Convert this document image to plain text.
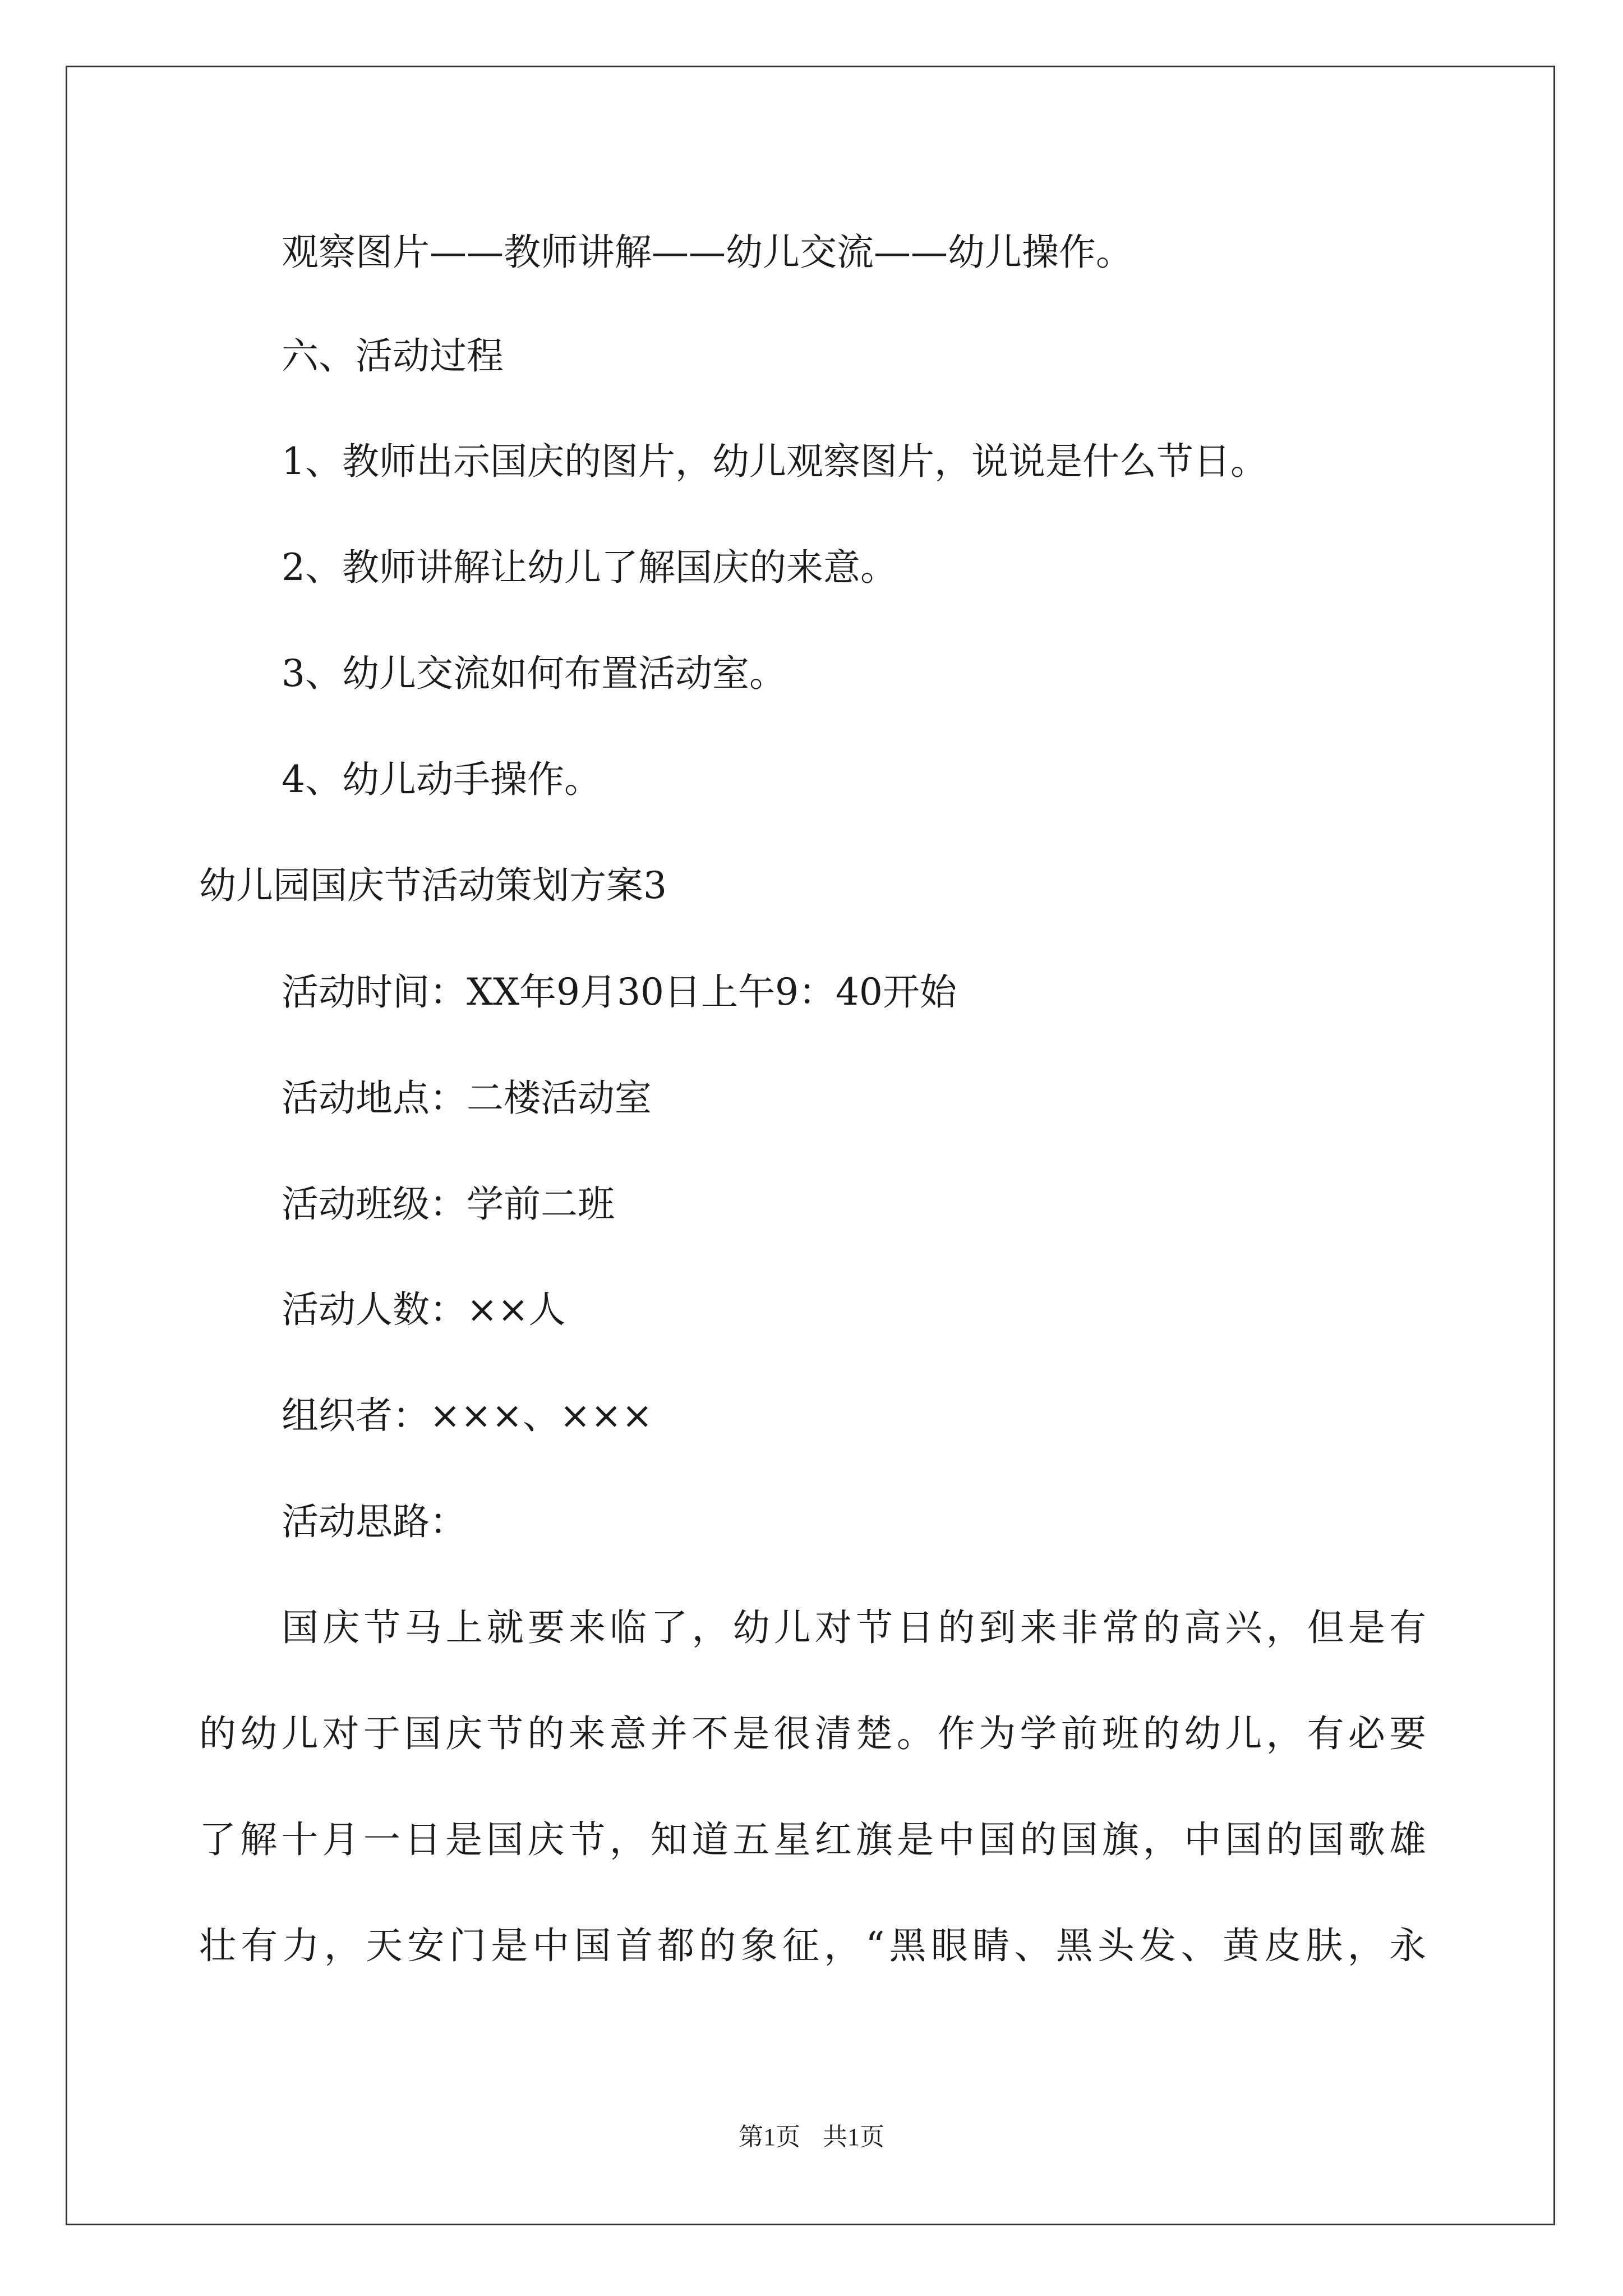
观察图片——教师讲解——幼儿交流——幼儿操作。
六、活动过程
1、教师出示国庆的图片，幼儿观察图片，说说是什么节日。
2、教师讲解让幼儿了解国庆的来意。
3、幼儿交流如何布置活动室。
4、幼儿动手操作。
幼儿园国庆节活动策划方案3
活动时间：XX年9月30日上午9：40开始
活动地点：二楼活动室
活动班级：学前二班
活动人数：××人
组织者：×××、×××
活动思路：
国庆节马上就要来临了，幼儿对节日的到来非常的高兴，但是有
的幼儿对于国庆节的来意并不是很清楚。作为学前班的幼儿，有必要
了解十月一日是国庆节，知道五星红旗是中国的国旗，中国的国歌雄
壮有力，天安门是中国首都的象征，“黑眼睛、黑头发、黄皮肤，永
第1页 共1页
